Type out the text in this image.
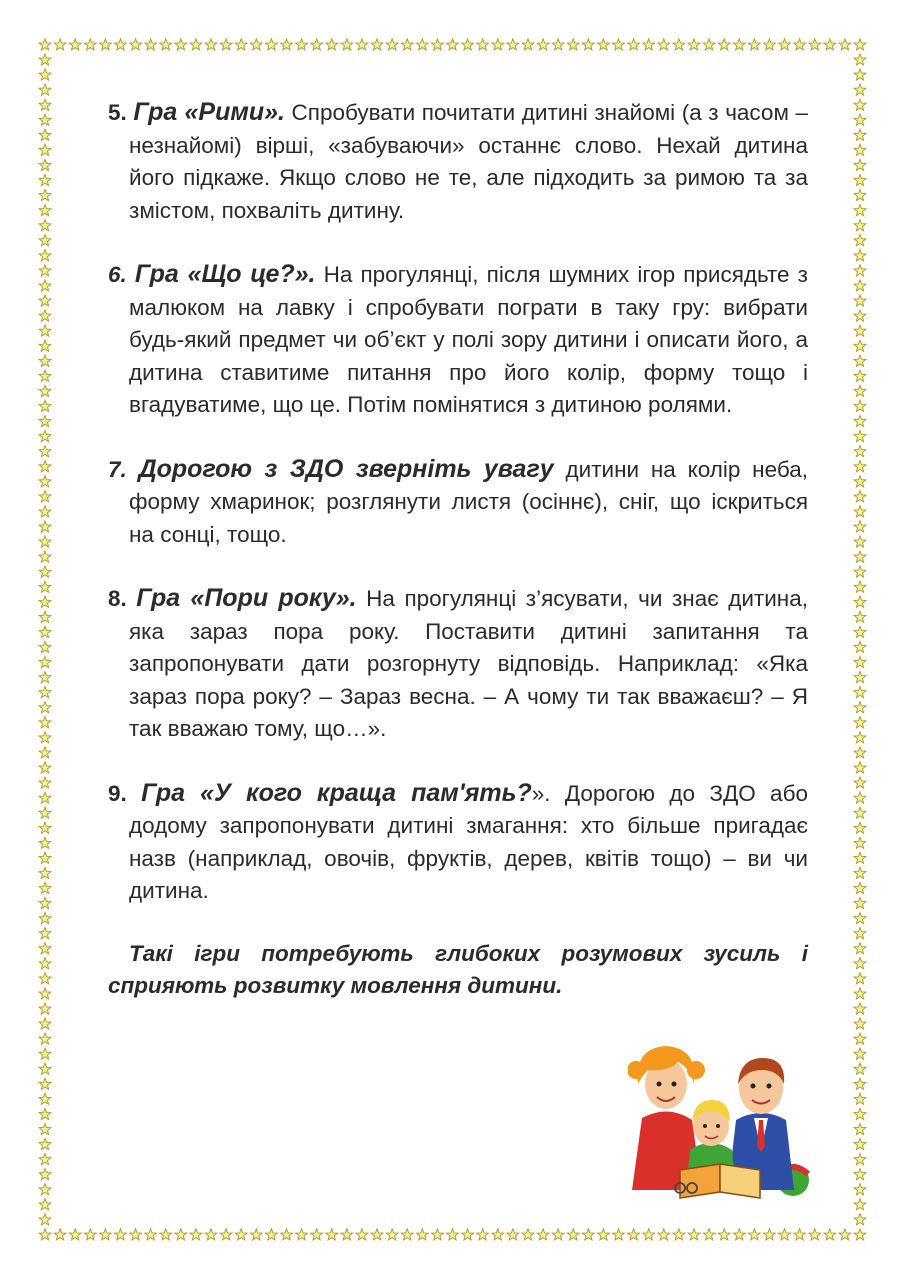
5. Гра «Рими». Спробувати почитати дитині знайомі (а з часом – незнайомі) вірші, «забуваючи» останнє слово. Нехай дитина його підкаже. Якщо слово не те, але підходить за римою та за змістом, похваліть дитину.

6. Гра «Що це?». На прогулянці, після шумних ігор присядьте з малюком на лавку і спробувати пограти в таку гру: вибрати будь-який предмет чи об’єкт у полі зору дитини і описати його, а дитина ставитиме питання про його колір, форму тощо і вгадуватиме, що це. Потім помінятися з дитиною ролями.

7. Дорогою з ЗДО зверніть увагу дитини на колір неба, форму хмаринок; розглянути листя (осіннє), сніг, що іскриться на сонці, тощо.

8. Гра «Пори року». На прогулянці з’ясувати, чи знає дитина, яка зараз пора року. Поставити дитині запитання та запропонувати дати розгорнуту відповідь. Наприклад: «Яка зараз пора року? – Зараз весна. – А чому ти так вважаєш? – Я так вважаю тому, що…».

9. Гра «У кого краща пам'ять?». Дорогою до ЗДО або додому запропонувати дитині змагання: хто більше пригадає назв (наприклад, овочів, фруктів, дерев, квітів тощо) – ви чи дитина.

Такі ігри потребують глибоких розумових зусиль і сприяють розвитку мовлення дитини.
